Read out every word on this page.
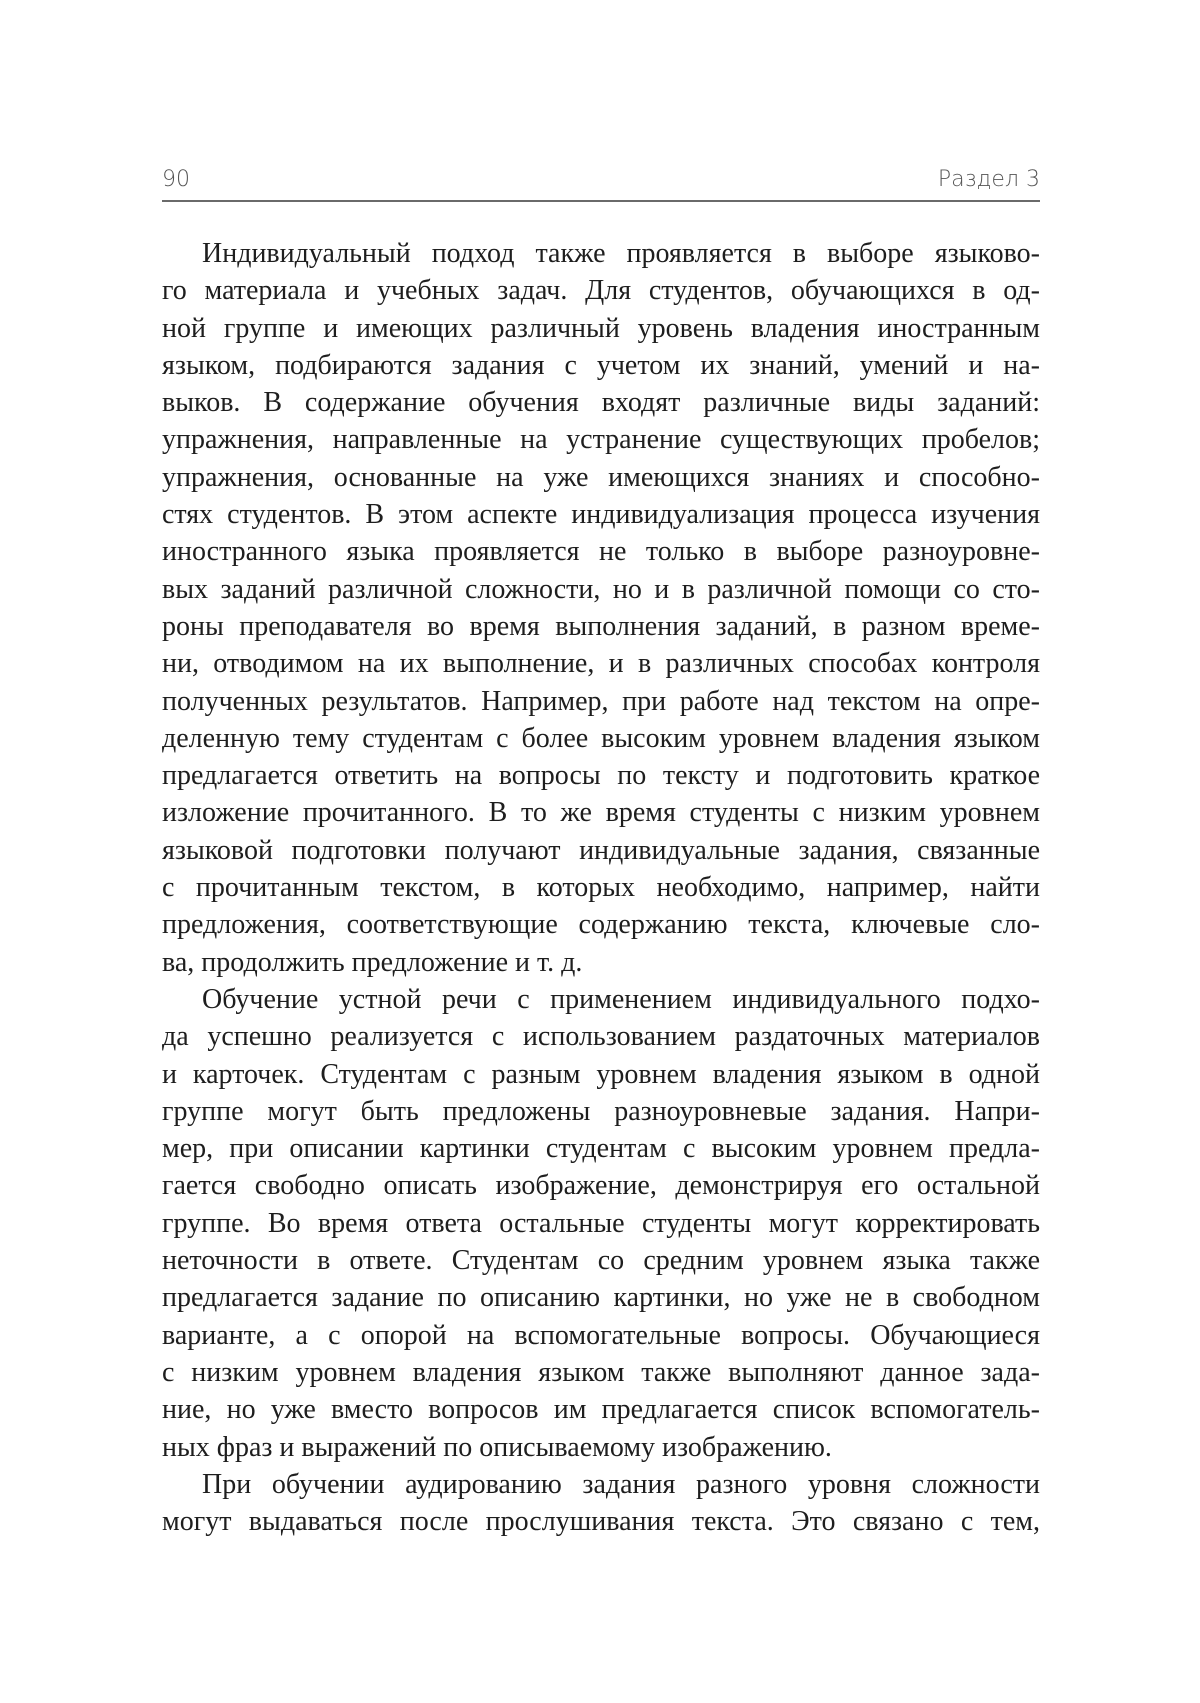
90	Раздел 3
Индивидуальный подход также проявляется в выборе языково-
го материала и учебных задач. Для студентов, обучающихся в од-
ной группе и имеющих различный уровень владения иностранным
языком, подбираются задания с учетом их знаний, умений и на-
выков. В содержание обучения входят различные виды заданий:
упражнения, направленные на устранение существующих пробелов;
упражнения, основанные на уже имеющихся знаниях и способно-
стях студентов. В этом аспекте индивидуализация процесса изучения
иностранного языка проявляется не только в выборе разноуровне-
вых заданий различной сложности, но и в различной помощи со сто-
роны преподавателя во время выполнения заданий, в разном време-
ни, отводимом на их выполнение, и в различных способах контроля
полученных результатов. Например, при работе над текстом на опре-
деленную тему студентам с более высоким уровнем владения языком
предлагается ответить на вопросы по тексту и подготовить краткое
изложение прочитанного. В то же время студенты с низким уровнем
языковой подготовки получают индивидуальные задания, связанные
с прочитанным текстом, в которых необходимо, например, найти
предложения, соответствующие содержанию текста, ключевые сло-
ва, продолжить предложение и т. д.
Обучение устной речи с применением индивидуального подхо-
да успешно реализуется с использованием раздаточных материалов
и карточек. Студентам с разным уровнем владения языком в одной
группе могут быть предложены разноуровневые задания. Напри-
мер, при описании картинки студентам с высоким уровнем предла-
гается свободно описать изображение, демонстрируя его остальной
группе. Во время ответа остальные студенты могут корректировать
неточности в ответе. Студентам со средним уровнем языка также
предлагается задание по описанию картинки, но уже не в свободном
варианте, а с опорой на вспомогательные вопросы. Обучающиеся
с низким уровнем владения языком также выполняют данное зада-
ние, но уже вместо вопросов им предлагается список вспомогатель-
ных фраз и выражений по описываемому изображению.
При обучении аудированию задания разного уровня сложности
могут выдаваться после прослушивания текста. Это связано с тем,
